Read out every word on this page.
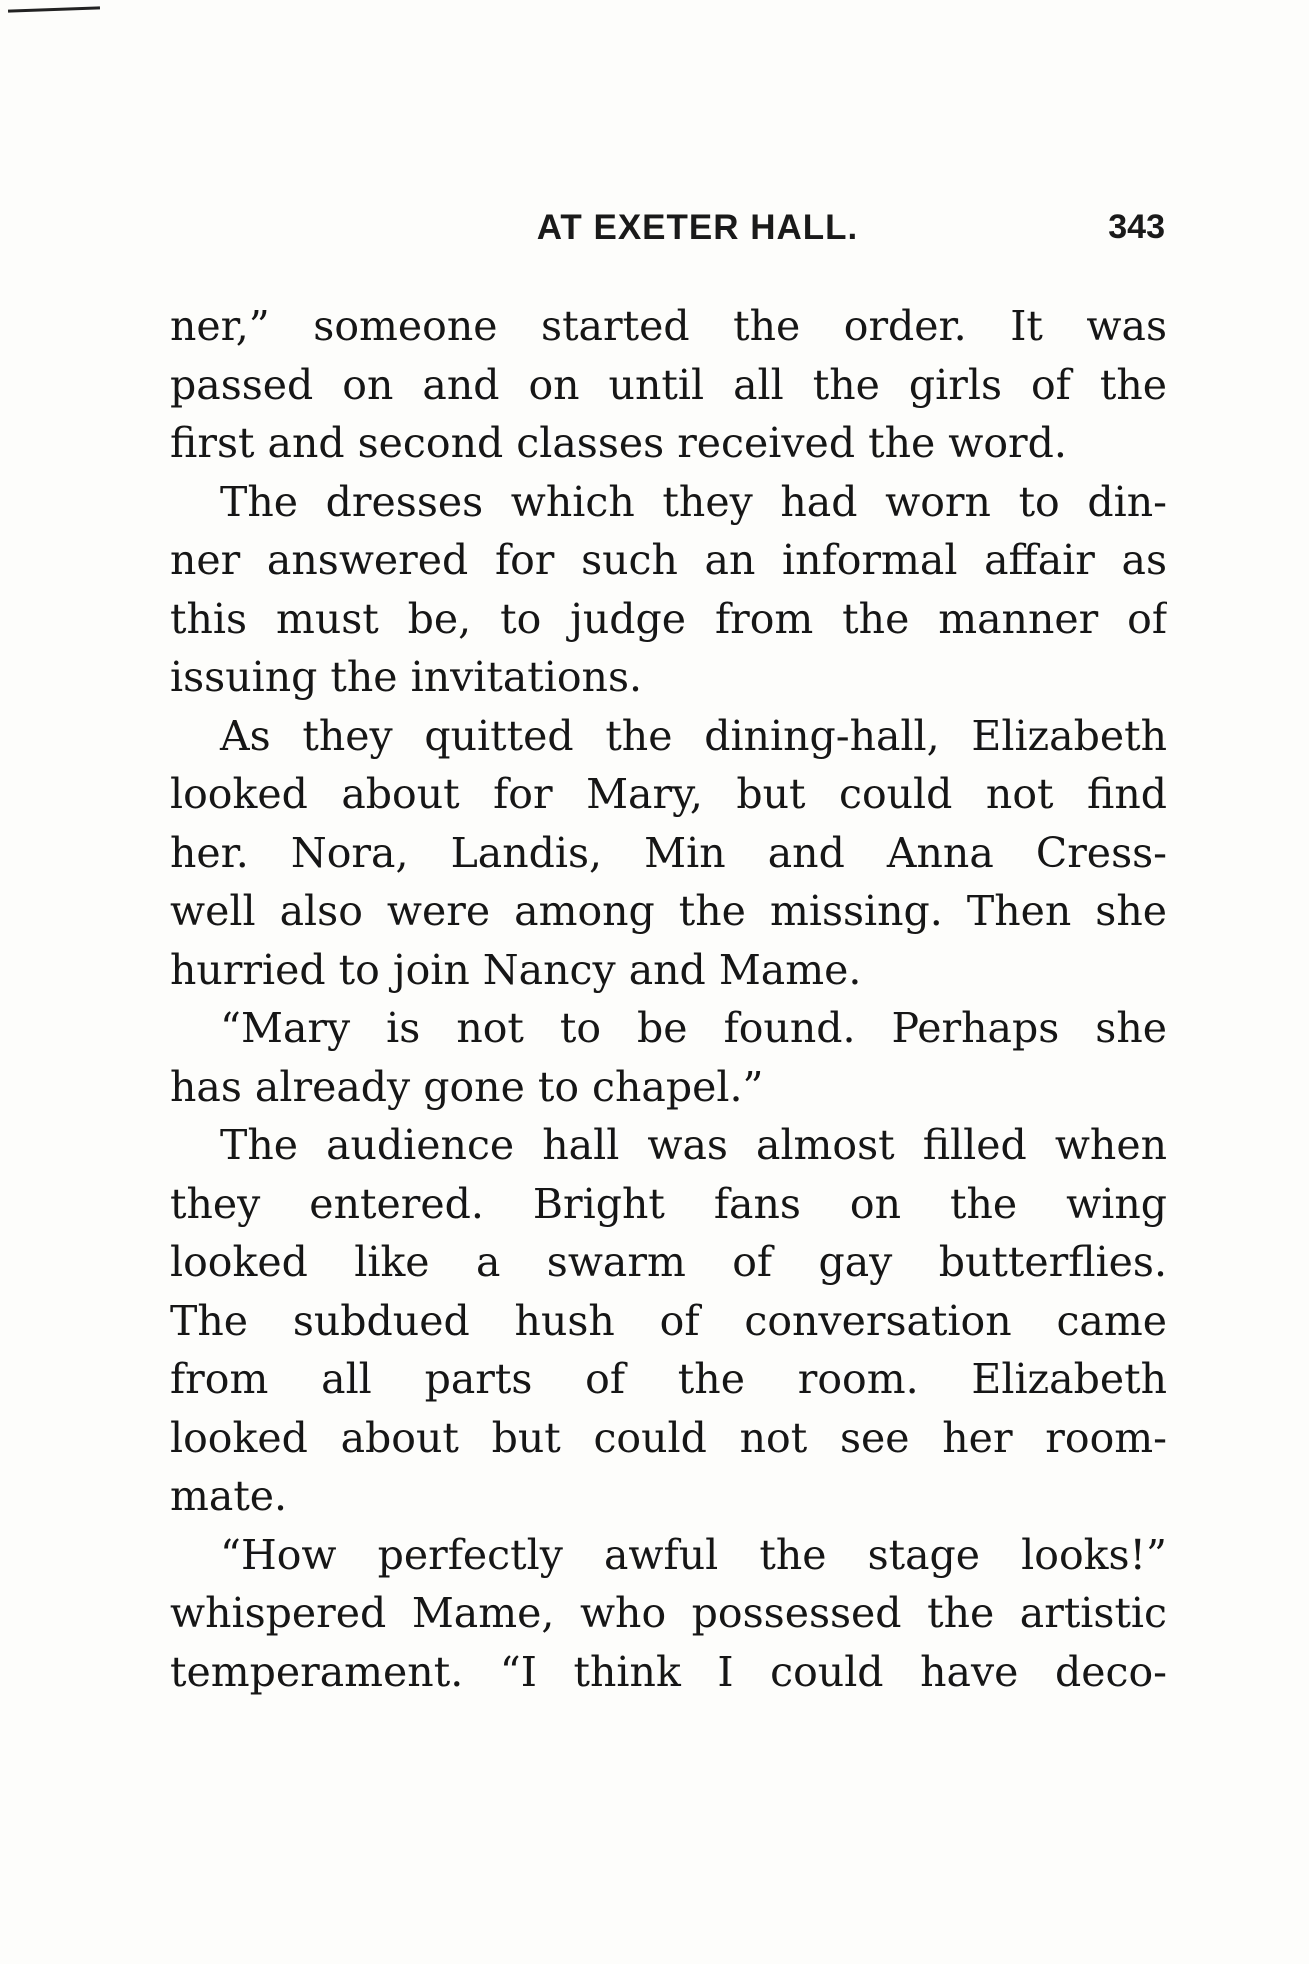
AT EXETER HALL.	343
ner,” someone started the order. It was
passed on and on until all the girls of the
first and second classes received the word.
The dresses which they had worn to din-
ner answered for such an informal affair as
this must be, to judge from the manner of
issuing the invitations.
As they quitted the dining-hall, Elizabeth
looked about for Mary, but could not find
her. Nora, Landis, Min and Anna Cress-
well also were among the missing. Then she
hurried to join Nancy and Mame.
“Mary is not to be found. Perhaps she
has already gone to chapel.”
The audience hall was almost filled when
they entered. Bright fans on the wing
looked like a swarm of gay butterflies.
The subdued hush of conversation came
from all parts of the room. Elizabeth
looked about but could not see her room-
mate.
“How perfectly awful the stage looks!”
whispered Mame, who possessed the artistic
temperament. “I think I could have deco-
